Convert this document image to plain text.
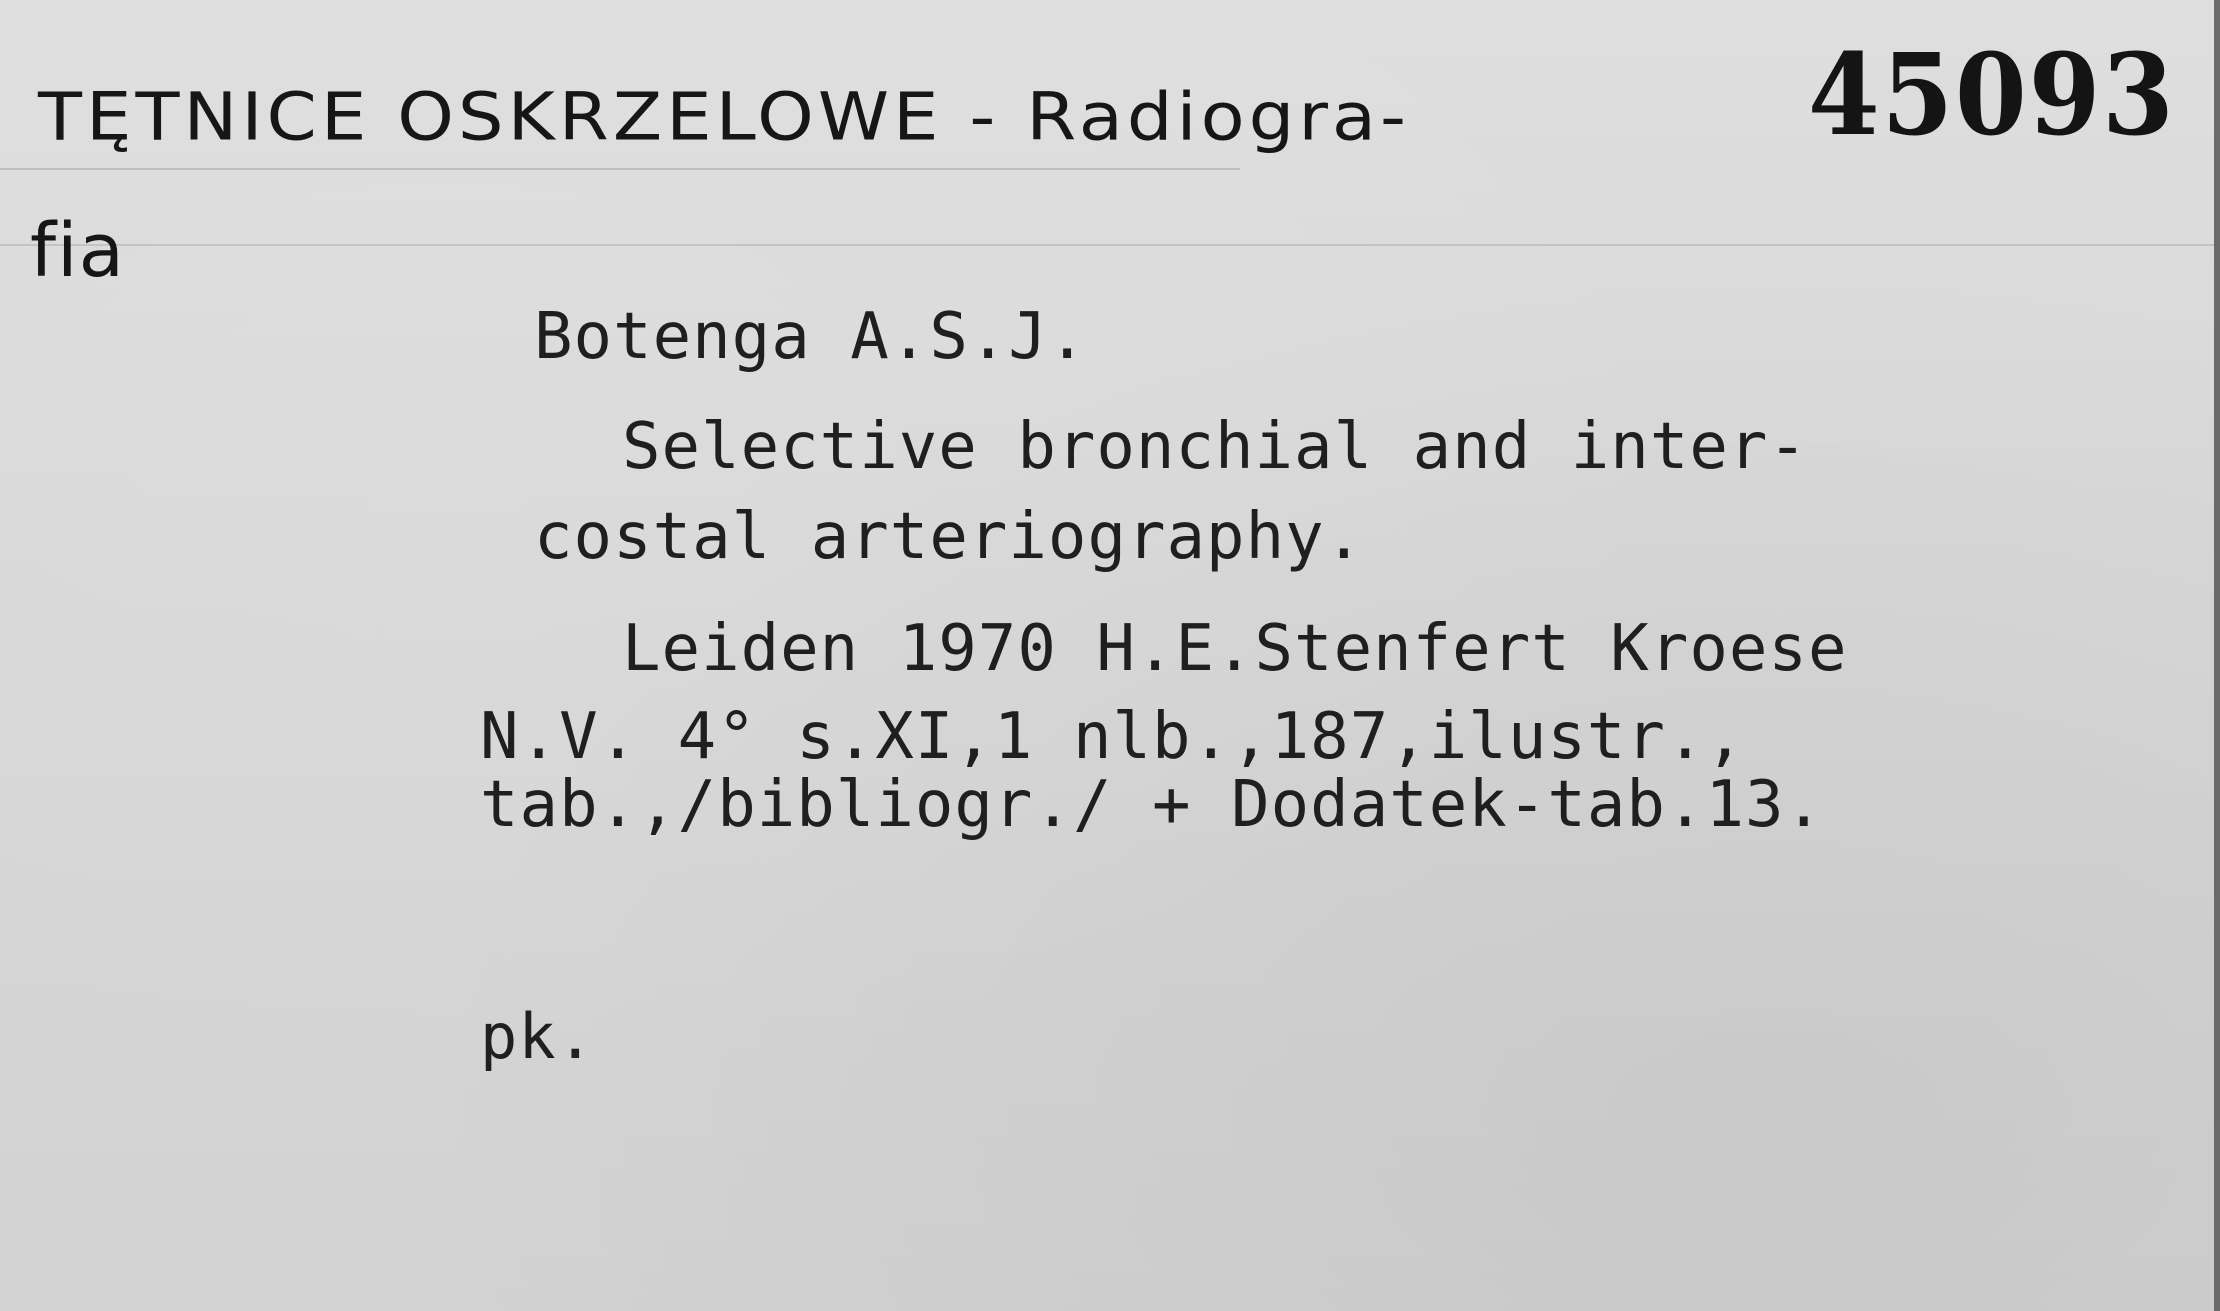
TĘTNICE OSKRZELOWE - Radiogra-
fia
45093
Botenga A.S.J.
Selective bronchial and inter-
costal arteriography.
Leiden 1970 H.E.Stenfert Kroese
N.V. 4° s.XI,1 nlb.,187,ilustr.,
tab.,/bibliogr./ + Dodatek-tab.13.
pk.
